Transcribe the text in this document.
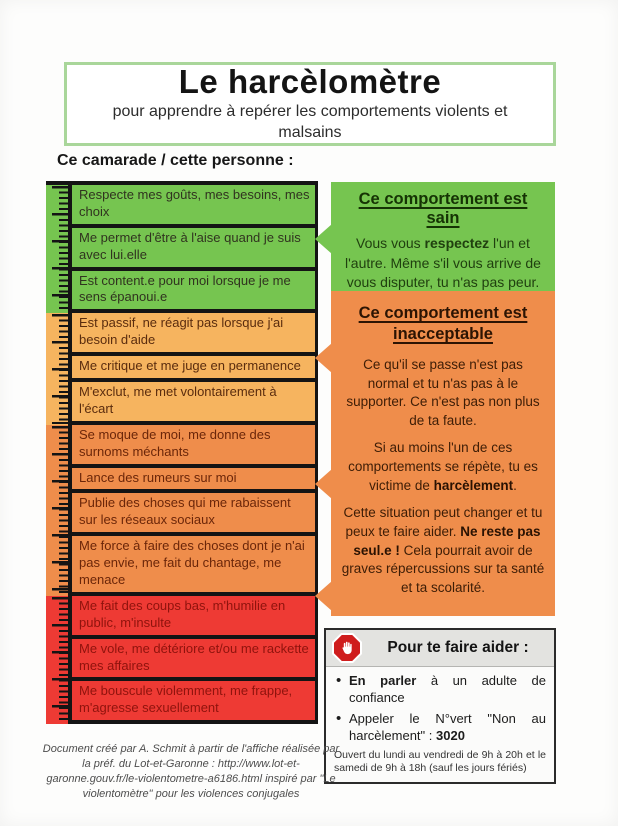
Le harcèlomètre
pour apprendre à repérer les comportements violents et malsains
Ce camarade / cette personne :
Respecte mes goûts, mes besoins, mes choix
Me permet d'être à l'aise quand je suis avec lui.elle
Est content.e pour moi lorsque je me sens épanoui.e
Est passif, ne réagit pas lorsque j'ai besoin d'aide
Me critique et me juge en permanence
M'exclut, me met volontairement à l'écart
Se moque de moi, me donne des surnoms méchants
Lance des rumeurs sur moi
Publie des choses qui me rabaissent sur les réseaux sociaux
Me force à faire des choses dont je n'ai pas envie, me fait du chantage, me menace
Me fait des coups bas, m'humilie en public, m'insulte
Me vole, me détériore et/ou me rackette mes affaires
Me bouscule violemment, me frappe, m'agresse sexuellement
Ce comportement est sain

Vous vous respectez l'un et l'autre. Même s'il vous arrive de vous disputer, tu n'as pas peur.

Ce comportement est inacceptable

Ce qu'il se passe n'est pas normal et tu n'as pas à le supporter. Ce n'est pas non plus de ta faute.

Si au moins l'un de ces comportements se répète, tu es victime de harcèlement.

Cette situation peut changer et tu peux te faire aider. Ne reste pas seul.e ! Cela pourrait avoir de graves répercussions sur ta santé et ta scolarité.

Pour te faire aider :
• En parler à un adulte de confiance
• Appeler le N°vert "Non au harcèlement" : 3020
Ouvert du lundi au vendredi de 9h à 20h et le samedi de 9h à 18h (sauf les jours fériés)
Document créé par A. Schmit à partir de l'affiche réalisée par la préf. du Lot-et-Garonne : http://www.lot-et-garonne.gouv.fr/le-violentometre-a6186.html inspiré par "Le violentomètre" pour les violences conjugales
